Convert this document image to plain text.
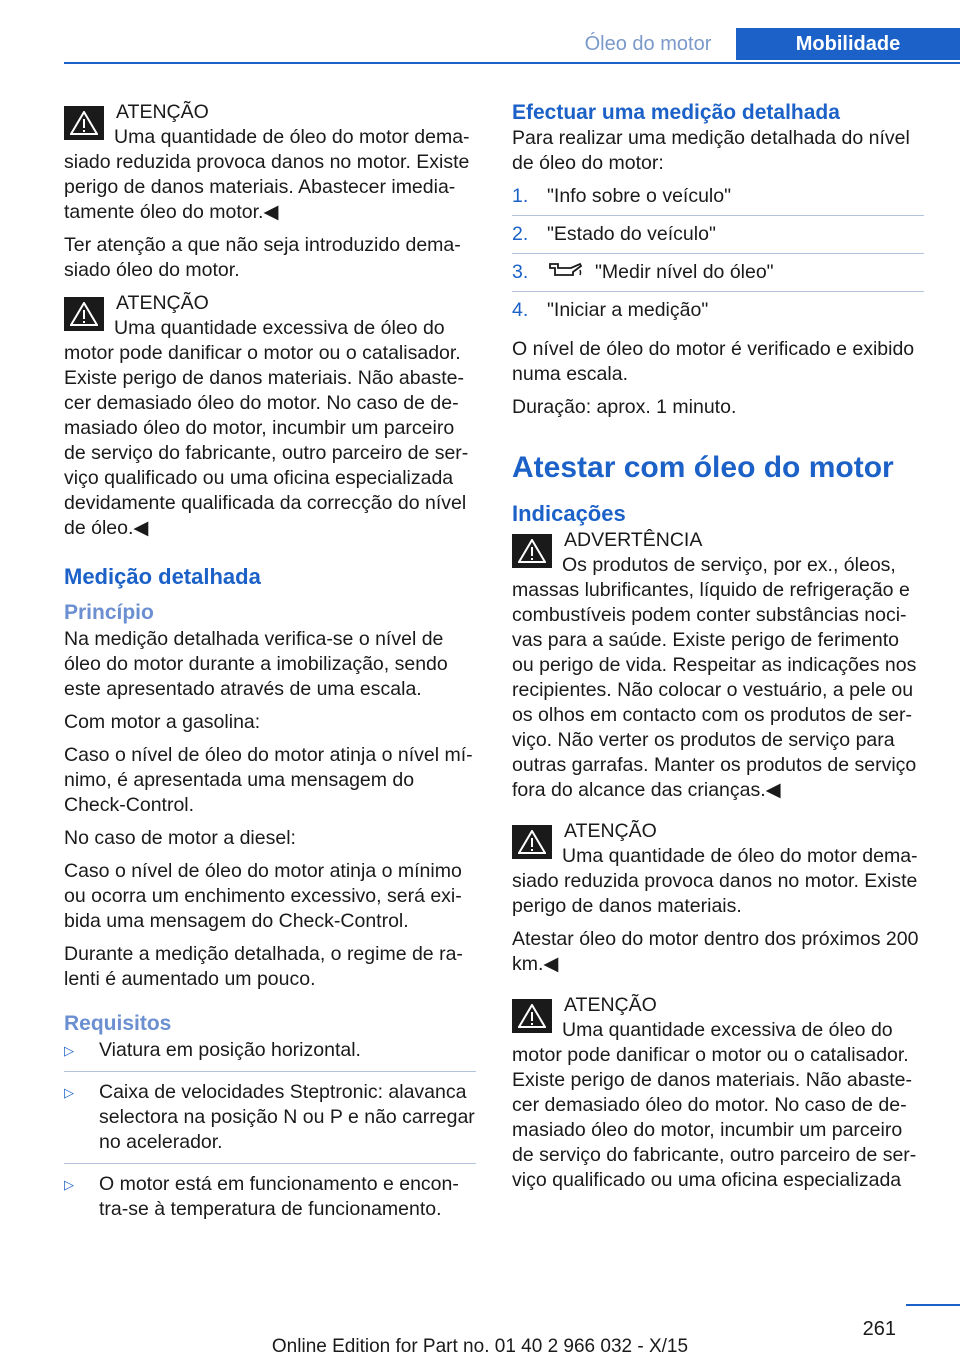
Óleo do motor	Mobilidade
ATENÇÃO
Uma quantidade de óleo do motor dema‐siado reduzida provoca danos no motor. Existe perigo de danos materiais. Abastecer imedia‐tamente óleo do motor.◀

Ter atenção a que não seja introduzido dema‐siado óleo do motor.

ATENÇÃO
Uma quantidade excessiva de óleo do motor pode danificar o motor ou o catalisador. Existe perigo de danos materiais. Não abaste‐cer demasiado óleo do motor. No caso de de‐masiado óleo do motor, incumbir um parceiro de serviço do fabricante, outro parceiro de ser‐viço qualificado ou uma oficina especializada devidamente qualificada da correcção do nível de óleo.◀
Medição detalhada
Princípio

Na medição detalhada verifica-se o nível de óleo do motor durante a imobilização, sendo este apresentado através de uma escala.

Com motor a gasolina:

Caso o nível de óleo do motor atinja o nível mí‐nimo, é apresentada uma mensagem do Check-Control.

No caso de motor a diesel:

Caso o nível de óleo do motor atinja o mínimo ou ocorra um enchimento excessivo, será exi‐bida uma mensagem do Check-Control.

Durante a medição detalhada, o regime de ra‐lenti é aumentado um pouco.

Requisitos
▷ Viatura em posição horizontal.
▷ Caixa de velocidades Steptronic: alavanca selectora na posição N ou P e não carregar no acelerador.
▷ O motor está em funcionamento e encon‐tra-se à temperatura de funcionamento.
Efectuar uma medição detalhada

Para realizar uma medição detalhada do nível de óleo do motor:

1. "Info sobre o veículo"
2. "Estado do veículo"
3.	"Medir nível do óleo"
4. "Iniciar a medição"

O nível de óleo do motor é verificado e exibido numa escala.

Duração: aprox. 1 minuto.

Atestar com óleo do motor
Indicações
ADVERTÊNCIA
Os produtos de serviço, por ex., óleos, massas lubrificantes, líquido de refrigeração e combustíveis podem conter substâncias noci‐vas para a saúde. Existe perigo de ferimento ou perigo de vida. Respeitar as indicações nos recipientes. Não colocar o vestuário, a pele ou os olhos em contacto com os produtos de ser‐viço. Não verter os produtos de serviço para outras garrafas. Manter os produtos de serviço fora do alcance das crianças.◀
ATENÇÃO
Uma quantidade de óleo do motor dema‐siado reduzida provoca danos no motor. Existe perigo de danos materiais.

Atestar óleo do motor dentro dos próximos 200 km.◀

ATENÇÃO
Uma quantidade excessiva de óleo do motor pode danificar o motor ou o catalisador. Existe perigo de danos materiais. Não abaste‐cer demasiado óleo do motor. No caso de de‐masiado óleo do motor, incumbir um parceiro de serviço do fabricante, outro parceiro de ser‐viço qualificado ou uma oficina especializada
261
Online Edition for Part no. 01 40 2 966 032 - X/15
